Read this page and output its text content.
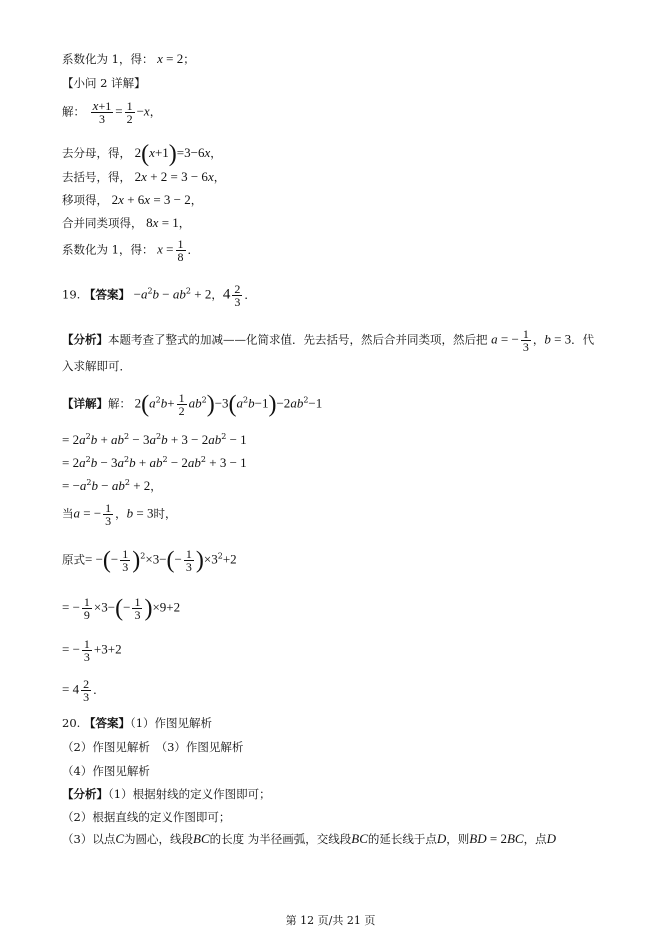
系数化为 1，得： x = 2；
【小问 2 详解】
解： $\frac{x+1}{3} = \frac{1}{2} -x$，
去分母，得， 2(x+1)=3−6x，
去括号，得， 2x + 2 = 3 − 6x，
移项得， 2x + 6x = 3 − 2，
合并同类项得， 8x = 1，
系数化为 1，得： $x = \frac{1}{8}$ ．
19. 【答案】 $-a^2b - ab^2 + 2$，$4 \frac{2}{3}$ ．
【分析】本题考查了整式的加减——化简求值．先去括号，然后合并同类项，然后把 a = − $\frac{1}{3}$ ，b = 3．代
入求解即可．
【详解】解： $2(a^2b+ \frac{1}{2} ab^2)-3(a^2b-1)-2ab^2-1$
= $2a^2b + ab^2 - 3a^2b + 3 - 2ab^2 - 1$
= $2a^2b - 3a^2b + ab^2 - 2ab^2 + 3 - 1$
= $-a^2b - ab^2 + 2$，
当a = − $\frac{1}{3}$ ，b = 3时，
原式= −(− $\frac{1}{3} )^2\times 3-(- \frac{1}{3} )\times 3^2+2$
= − $\frac{1}{9} \times 3-(- \frac{1}{3} )\times 9+2$
= − $\frac{1}{3} +3+2$
= $4 \frac{2}{3}$ ．
20. 【答案】（1）作图见解析
（2）作图见解析　（3）作图见解析
（4）作图见解析
【分析】（1）根据射线的定义作图即可；
（2）根据直线的定义作图即可；
（3）以点C为圆心，线段BC的长度 为半径画弧，交线段BC的延长线于点D，则BD = 2BC，点D
第 12 页/共 21 页
